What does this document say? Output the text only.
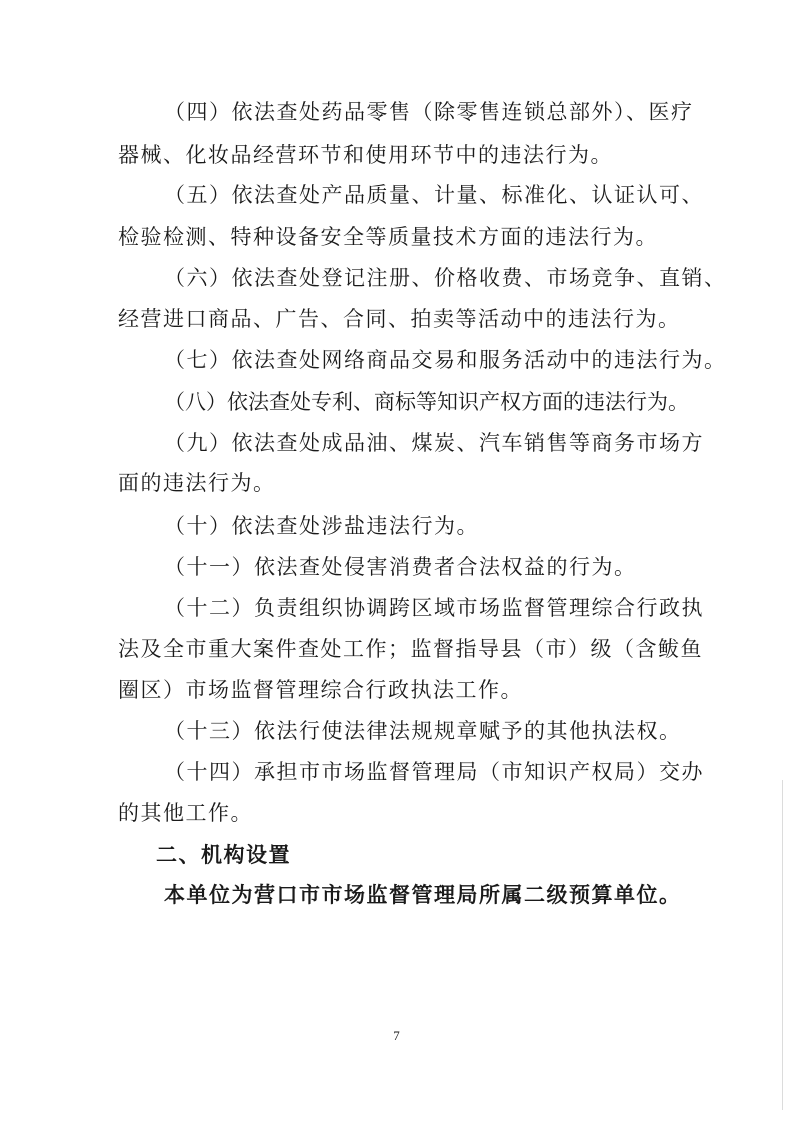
（四）依法查处药品零售（除零售连锁总部外）、医疗
器械、化妆品经营环节和使用环节中的违法行为。
（五）依法查处产品质量、计量、标准化、认证认可、
检验检测、特种设备安全等质量技术方面的违法行为。
（六）依法查处登记注册、价格收费、市场竞争、直销、
经营进口商品、广告、合同、拍卖等活动中的违法行为。
（七）依法查处网络商品交易和服务活动中的违法行为。
（八）依法查处专利、商标等知识产权方面的违法行为。
（九）依法查处成品油、煤炭、汽车销售等商务市场方
面的违法行为。
（十）依法查处涉盐违法行为。
（十一）依法查处侵害消费者合法权益的行为。
（十二）负责组织协调跨区域市场监督管理综合行政执
法及全市重大案件查处工作；监督指导县（市）级（含鲅鱼
圈区）市场监督管理综合行政执法工作。
（十三）依法行使法律法规规章赋予的其他执法权。
（十四）承担市市场监督管理局（市知识产权局）交办
的其他工作。
二、机构设置
本单位为营口市市场监督管理局所属二级预算单位。
7
